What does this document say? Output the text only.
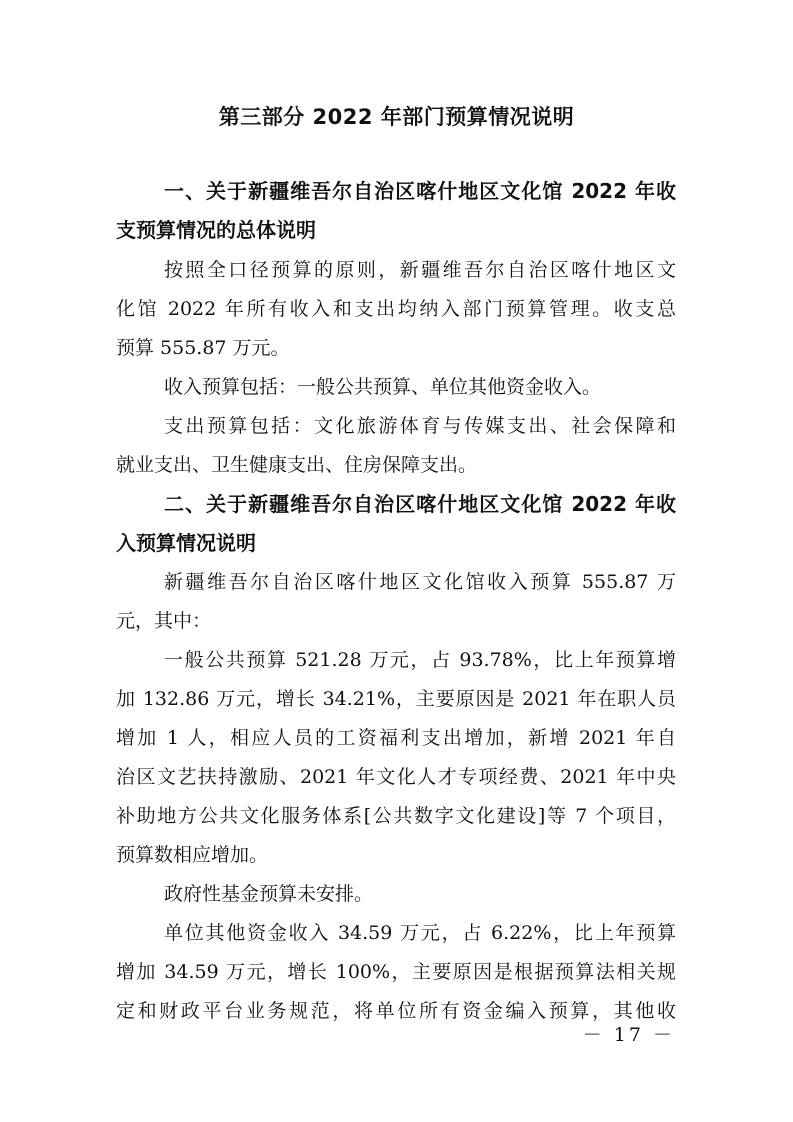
第三部分 2022 年部门预算情况说明
一、关于新疆维吾尔自治区喀什地区文化馆 2022 年收
支预算情况的总体说明
按照全口径预算的原则，新疆维吾尔自治区喀什地区文
化馆 2022 年所有收入和支出均纳入部门预算管理。收支总
预算 555.87 万元。
收入预算包括：一般公共预算、单位其他资金收入。
支出预算包括：文化旅游体育与传媒支出、社会保障和
就业支出、卫生健康支出、住房保障支出。
二、关于新疆维吾尔自治区喀什地区文化馆 2022 年收
入预算情况说明
新疆维吾尔自治区喀什地区文化馆收入预算 555.87 万
元，其中：
一般公共预算 521.28 万元，占 93.78%，比上年预算增
加 132.86 万元，增长 34.21%，主要原因是 2021 年在职人员
增加 1 人，相应人员的工资福利支出增加，新增 2021 年自
治区文艺扶持激励、2021 年文化人才专项经费、2021 年中央
补助地方公共文化服务体系[公共数字文化建设]等 7 个项目，
预算数相应增加。
政府性基金预算未安排。
单位其他资金收入 34.59 万元，占 6.22%，比上年预算
增加 34.59 万元，增长 100%，主要原因是根据预算法相关规
定和财政平台业务规范，将单位所有资金编入预算，其他收
－ 17 －
